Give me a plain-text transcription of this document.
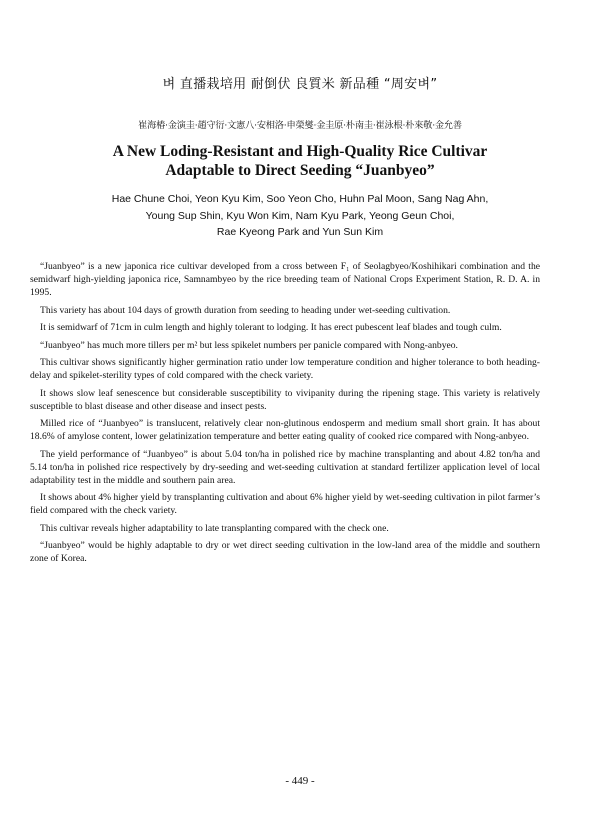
벼 直播栽培用 耐倒伏 良質米 新品種 “周安벼”
崔海椿·金演圭·趙守衍·文憲八·安相洛·申榮燮·金圭原·朴南圭·崔泳根·朴來敬·金允善
A New Loding-Resistant and High-Quality Rice Cultivar
Adaptable to Direct Seeding “Juanbyeo”
Hae Chune Choi, Yeon Kyu Kim, Soo Yeon Cho, Huhn Pal Moon, Sang Nag Ahn,
Young Sup Shin, Kyu Won Kim, Nam Kyu Park, Yeong Geun Choi,
Rae Kyeong Park and Yun Sun Kim

“Juanbyeo” is a new japonica rice cultivar developed from a cross between F₁ of Seolagbyeo/Koshihikari combination and the semidwarf high-yielding japonica rice, Samnambyeo by the rice breeding team of National Crops Experiment Station, R. D. A. in 1995.

This variety has about 104 days of growth duration from seeding to heading under wet-seeding cultivation.

It is semidwarf of 71cm in culm length and highly tolerant to lodging. It has erect pubescent leaf blades and tough culm.

“Juanbyeo” has much more tillers per m² but less spikelet numbers per panicle compared with Nong-anbyeo.

This cultivar shows significantly higher germination ratio under low temperature condition and higher tolerance to both heading-delay and spikelet-sterility types of cold compared with the check variety.

It shows slow leaf senescence but considerable susceptibility to vivipanity during the ripening stage. This variety is relatively susceptible to blast disease and other disease and insect pests.

Milled rice of “Juanbyeo” is translucent, relatively clear non-glutinous endosperm and medium small short grain. It has about 18.6% of amylose content, lower gelatinization temperature and better eating quality of cooked rice compared with Nong-anbyeo.

The yield performance of “Juanbyeo” is about 5.04 ton/ha in polished rice by machine transplanting and about 4.82 ton/ha and 5.14 ton/ha in polished rice respectively by dry-seeding and wet-seeding cultivation at standard fertilizer application level of local adaptability test in the middle and southern pain area.

It shows about 4% higher yield by transplanting cultivation and about 6% higher yield by wet-seeding cultivation in pilot farmer’s field compared with the check variety.

This cultivar reveals higher adaptability to late transplanting compared with the check one.

“Juanbyeo” would be highly adaptable to dry or wet direct seeding cultivation in the low-land area of the middle and southern zone of Korea.

- 449 -
